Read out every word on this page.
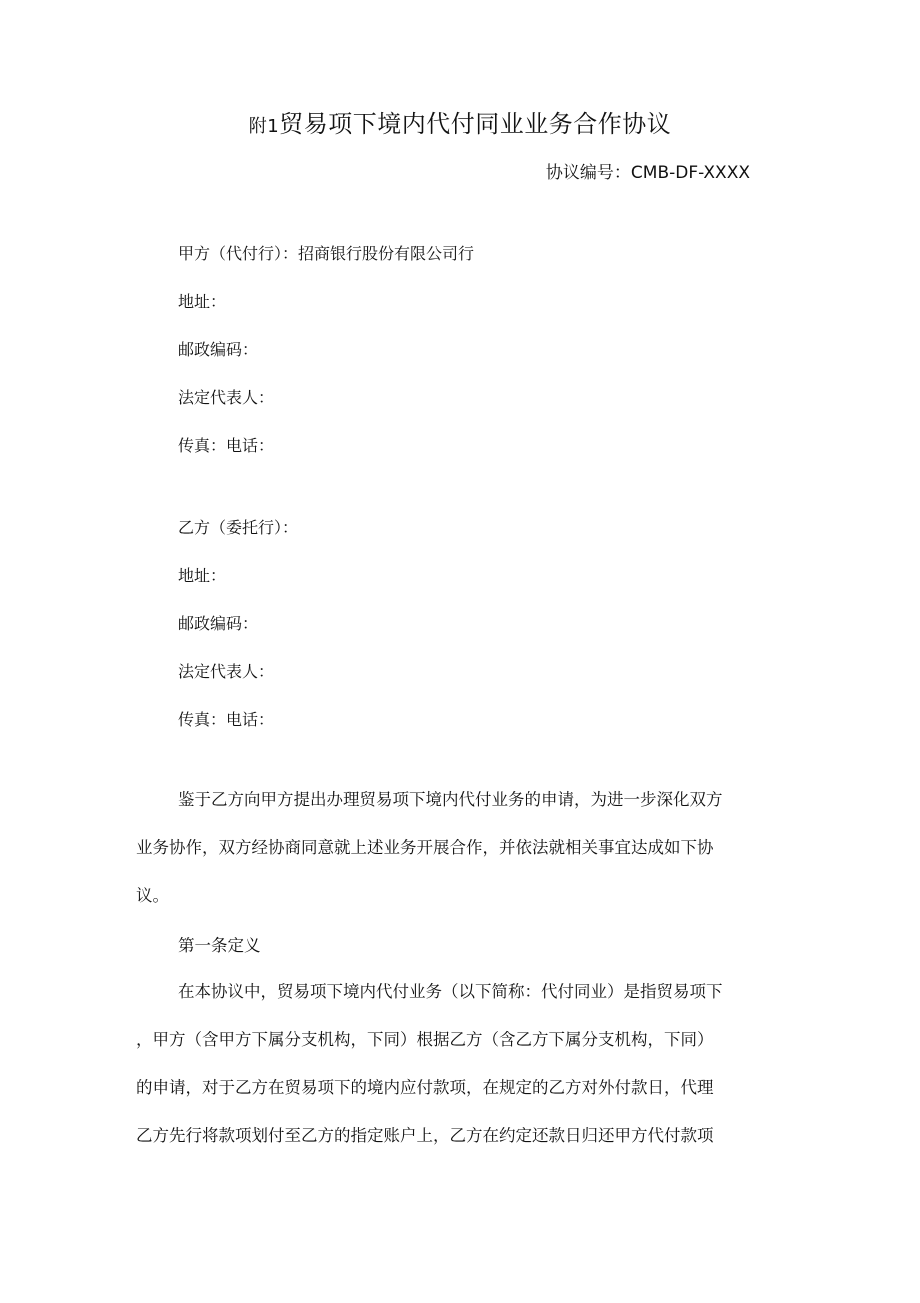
附1贸易项下境内代付同业业务合作协议
协议编号：CMB-DF-XXXX
甲方（代付行）：招商银行股份有限公司行
地址：
邮政编码：
法定代表人：
传真：电话：
乙方（委托行）：
地址：
邮政编码：
法定代表人：
传真：电话：
鉴于乙方向甲方提出办理贸易项下境内代付业务的申请，为进一步深化双方
业务协作，双方经协商同意就上述业务开展合作，并依法就相关事宜达成如下协
议。
第一条定义
在本协议中，贸易项下境内代付业务（以下简称：代付同业）是指贸易项下
，甲方（含甲方下属分支机构，下同）根据乙方（含乙方下属分支机构，下同）
的申请，对于乙方在贸易项下的境内应付款项，在规定的乙方对外付款日，代理
乙方先行将款项划付至乙方的指定账户上，乙方在约定还款日归还甲方代付款项
